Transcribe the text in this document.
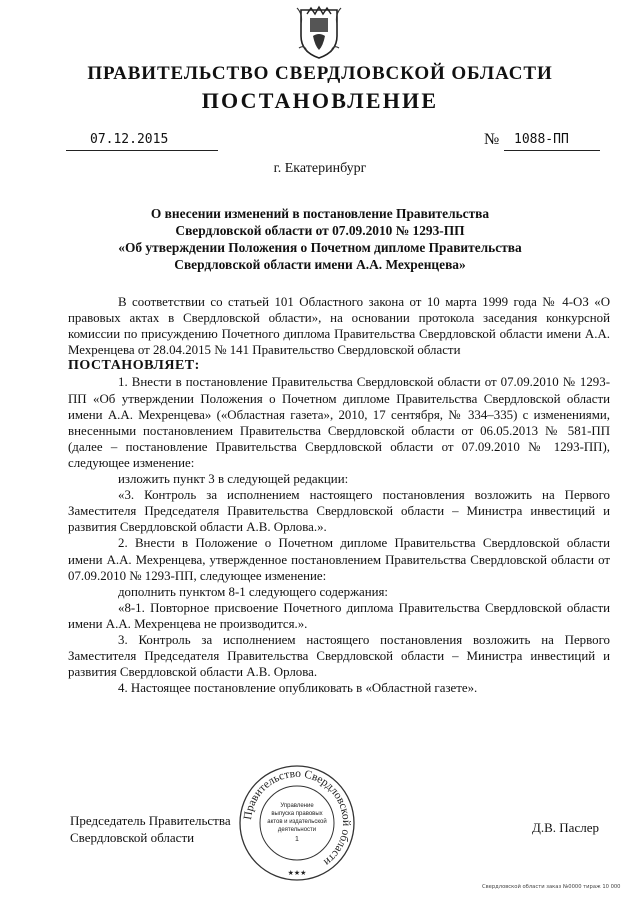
ПРАВИТЕЛЬСТВО СВЕРДЛОВСКОЙ ОБЛАСТИ
ПОСТАНОВЛЕНИЕ
07.12.2015	№	1088-ПП
г. Екатеринбург
О внесении изменений в постановление Правительства
Свердловской области от 07.09.2010 № 1293-ПП
«Об утверждении Положения о Почетном дипломе Правительства
Свердловской области имени А.А. Мехренцева»

В соответствии со статьей 101 Областного закона от 10 марта 1999 года № 4-ОЗ «О правовых актах в Свердловской области», на основании протокола заседания конкурсной комиссии по присуждению Почетного диплома Правительства Свердловской области имени А.А. Мехренцева от 28.04.2015 № 141 Правительство Свердловской области

ПОСТАНОВЛЯЕТ:

1. Внести в постановление Правительства Свердловской области от 07.09.2010 № 1293-ПП «Об утверждении Положения о Почетном дипломе Правительства Свердловской области имени А.А. Мехренцева» («Областная газета», 2010, 17 сентября, № 334–335) с изменениями, внесенными постановлением Правительства Свердловской области от 06.05.2013 № 581-ПП (далее – постановление Правительства Свердловской области от 07.09.2010 № 1293-ПП), следующее изменение:

изложить пункт 3 в следующей редакции:

«3. Контроль за исполнением настоящего постановления возложить на Первого Заместителя Председателя Правительства Свердловской области – Министра инвестиций и развития Свердловской области А.В. Орлова.».

2. Внести в Положение о Почетном дипломе Правительства Свердловской области имени А.А. Мехренцева, утвержденное постановлением Правительства Свердловской области от 07.09.2010 № 1293-ПП, следующее изменение:

дополнить пунктом 8-1 следующего содержания:

«8-1. Повторное присвоение Почетного диплома Правительства Свердловской области имени А.А. Мехренцева не производится.».

3. Контроль за исполнением настоящего постановления возложить на Первого Заместителя Председателя Правительства Свердловской области – Министра инвестиций и развития Свердловской области А.В. Орлова.

4. Настоящее постановление опубликовать в «Областной газете».

Председатель Правительства
Свердловской области
Д.В. Паслер
Правительство Свердловской области
Управление
выпуска правовых
актов и издательской
деятельности
1
★★★
Свердловской области заказ №0000 тираж 10 000
